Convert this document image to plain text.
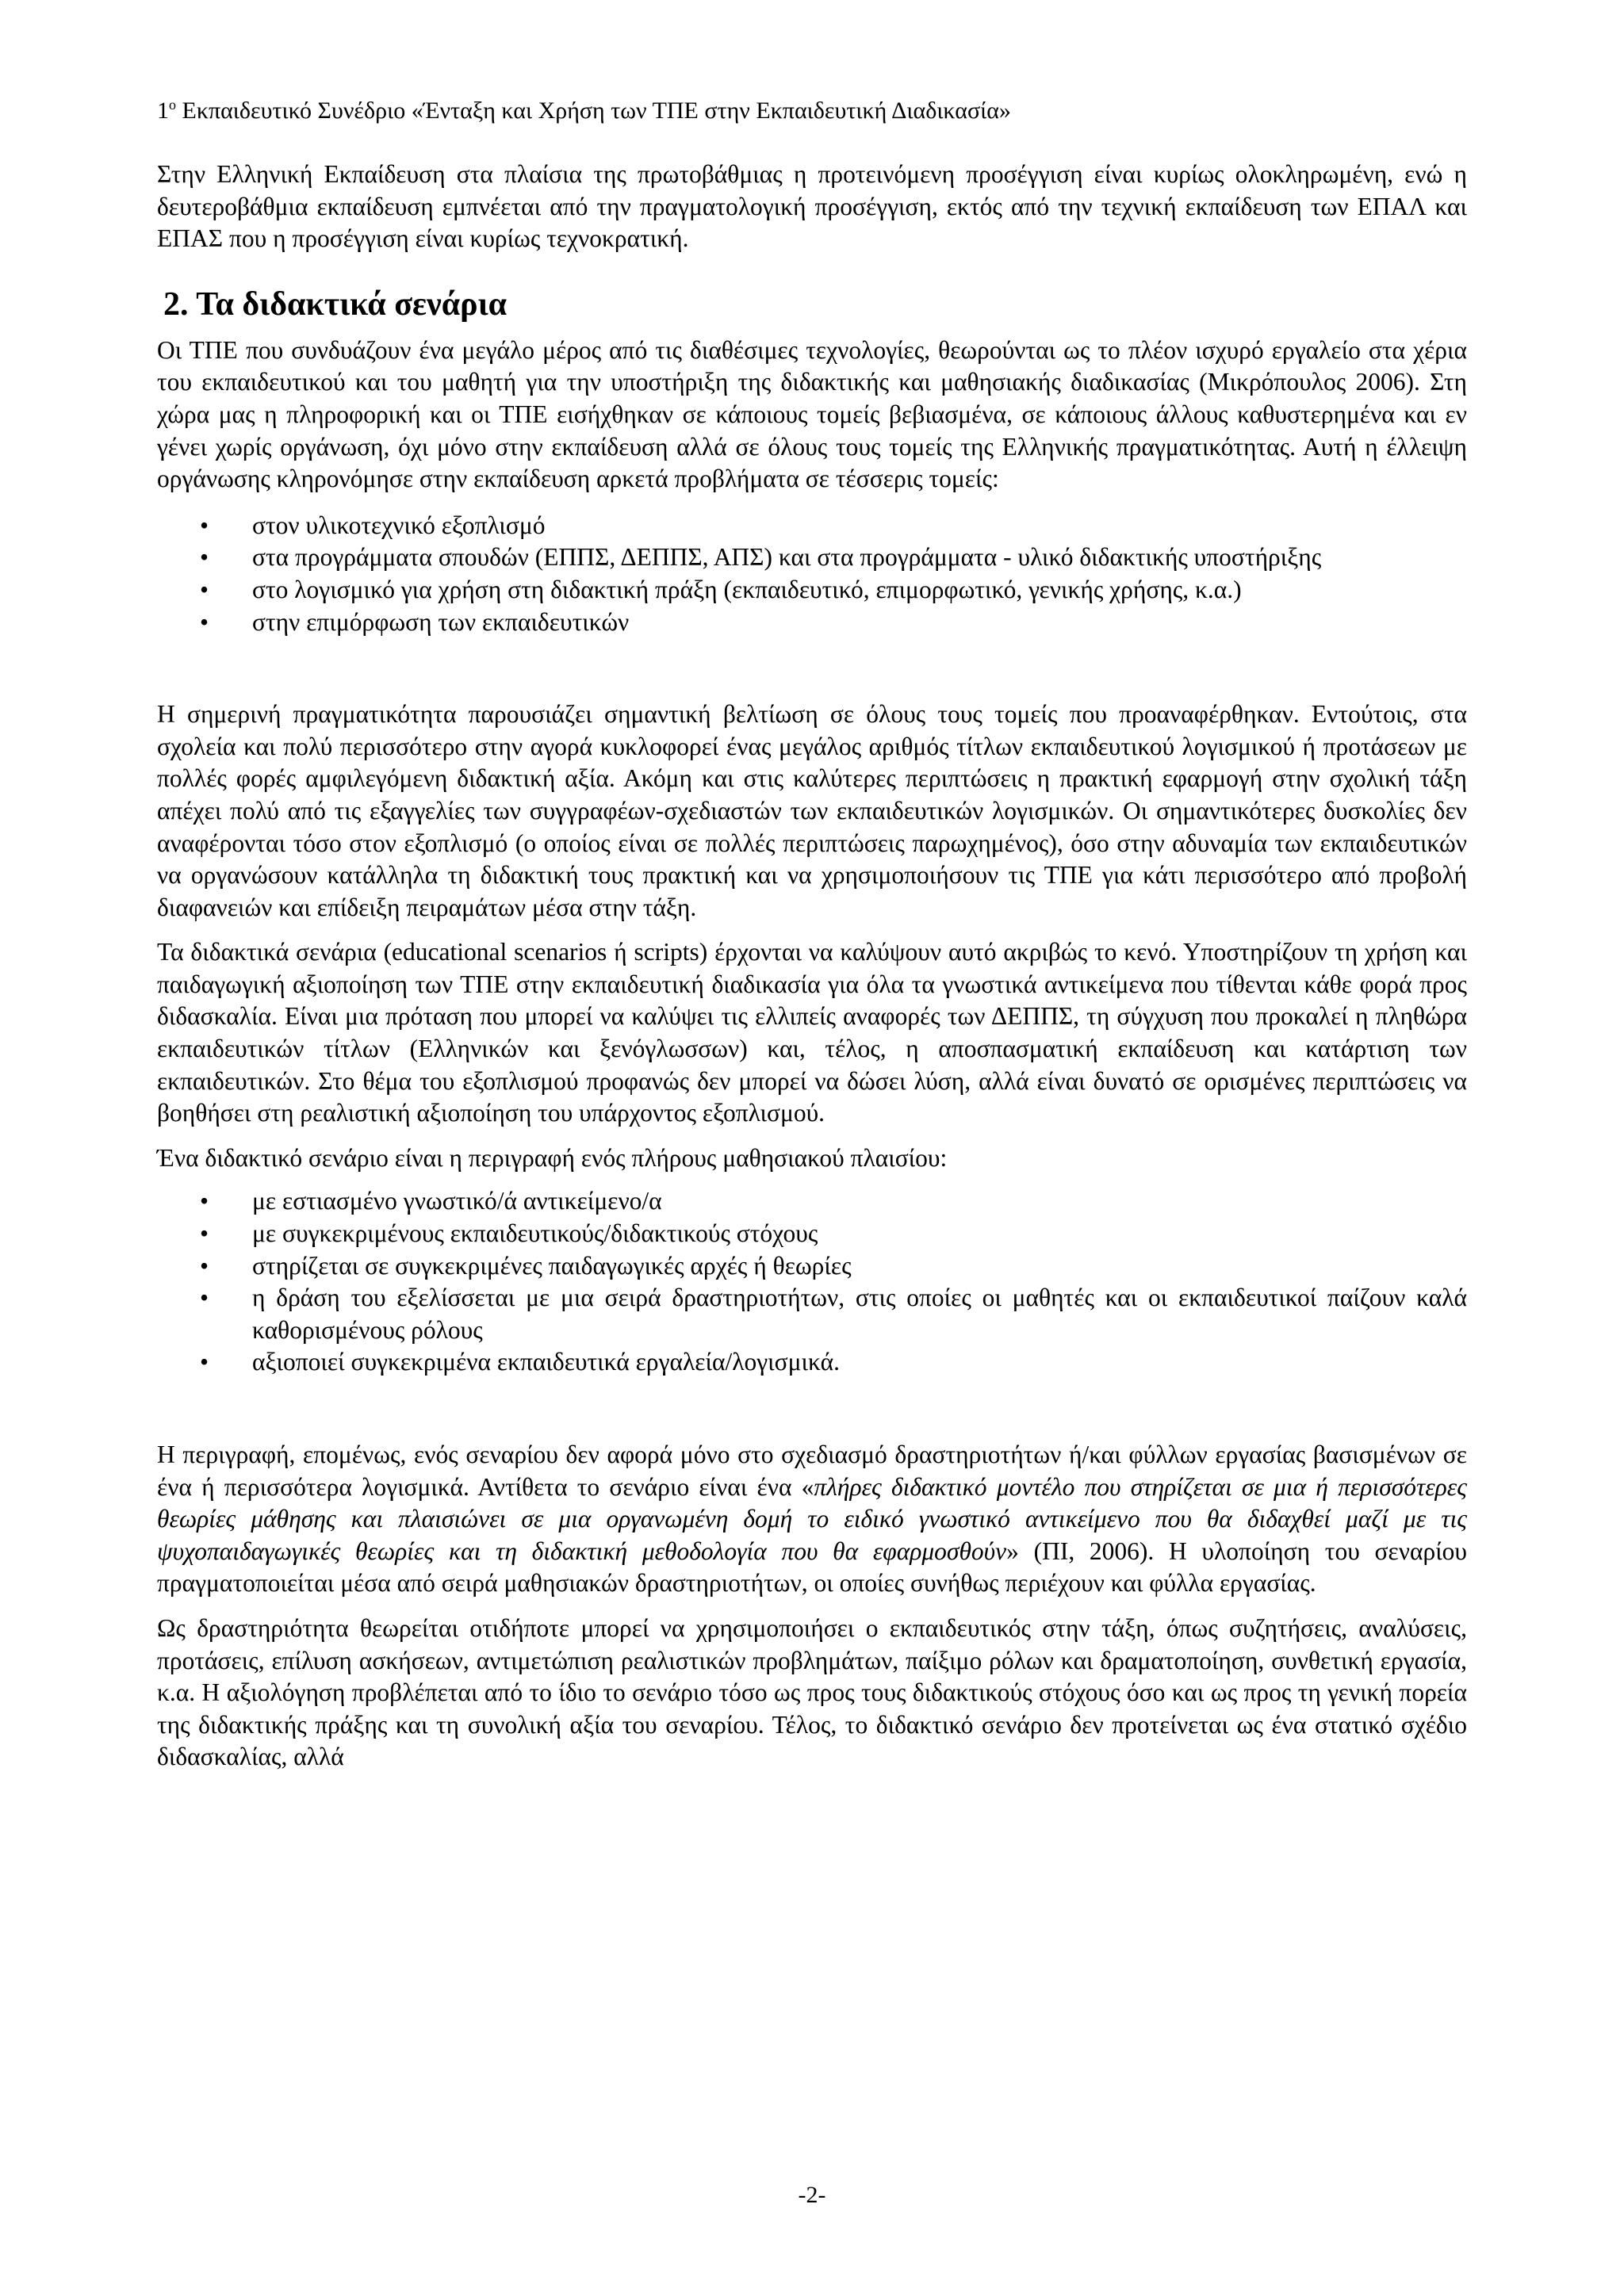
$1^o$ Εκπαιδευτικό Συνέδριο «Ένταξη και Χρήση των ΤΠΕ στην Εκπαιδευτική Διαδικασία»

Στην Ελληνική Εκπαίδευση στα πλαίσια της πρωτοβάθμιας η προτεινόμενη προσέγγιση είναι κυρίως ολοκληρωμένη, ενώ η δευτεροβάθμια εκπαίδευση εμπνέεται από την πραγματολογική προσέγγιση, εκτός από την τεχνική εκπαίδευση των ΕΠΑΛ και ΕΠΑΣ που η προσέγγιση είναι κυρίως τεχνοκρατική.

2. Τα διδακτικά σενάρια

Οι ΤΠΕ που συνδυάζουν ένα μεγάλο μέρος από τις διαθέσιμες τεχνολογίες, θεωρούνται ως το πλέον ισχυρό εργαλείο στα χέρια του εκπαιδευτικού και του μαθητή για την υποστήριξη της διδακτικής και μαθησιακής διαδικασίας (Μικρόπουλος 2006). Στη χώρα μας η πληροφορική και οι ΤΠΕ εισήχθηκαν σε κάποιους τομείς βεβιασμένα, σε κάποιους άλλους καθυστερημένα και εν γένει χωρίς οργάνωση, όχι μόνο στην εκπαίδευση αλλά σε όλους τους τομείς της Ελληνικής πραγματικότητας. Αυτή η έλλειψη οργάνωσης κληρονόμησε στην εκπαίδευση αρκετά προβλήματα σε τέσσερις τομείς:

• στον υλικοτεχνικό εξοπλισμό
• στα προγράμματα σπουδών (ΕΠΠΣ, ΔΕΠΠΣ, ΑΠΣ) και στα προγράμματα - υλικό διδακτικής υποστήριξης
• στο λογισμικό για χρήση στη διδακτική πράξη (εκπαιδευτικό, επιμορφωτικό, γενικής χρήσης, κ.α.)
• στην επιμόρφωση των εκπαιδευτικών

Η σημερινή πραγματικότητα παρουσιάζει σημαντική βελτίωση σε όλους τους τομείς που προαναφέρθηκαν. Εντούτοις, στα σχολεία και πολύ περισσότερο στην αγορά κυκλοφορεί ένας μεγάλος αριθμός τίτλων εκπαιδευτικού λογισμικού ή προτάσεων με πολλές φορές αμφιλεγόμενη διδακτική αξία. Ακόμη και στις καλύτερες περιπτώσεις η πρακτική εφαρμογή στην σχολική τάξη απέχει πολύ από τις εξαγγελίες των συγγραφέων-σχεδιαστών των εκπαιδευτικών λογισμικών. Οι σημαντικότερες δυσκολίες δεν αναφέρονται τόσο στον εξοπλισμό (ο οποίος είναι σε πολλές περιπτώσεις παρωχημένος), όσο στην αδυναμία των εκπαιδευτικών να οργανώσουν κατάλληλα τη διδακτική τους πρακτική και να χρησιμοποιήσουν τις ΤΠΕ για κάτι περισσότερο από προβολή διαφανειών και επίδειξη πειραμάτων μέσα στην τάξη.

Τα διδακτικά σενάρια (educational scenarios ή scripts) έρχονται να καλύψουν αυτό ακριβώς το κενό. Υποστηρίζουν τη χρήση και παιδαγωγική αξιοποίηση των ΤΠΕ στην εκπαιδευτική διαδικασία για όλα τα γνωστικά αντικείμενα που τίθενται κάθε φορά προς διδασκαλία. Είναι μια πρόταση που μπορεί να καλύψει τις ελλιπείς αναφορές των ΔΕΠΠΣ, τη σύγχυση που προκαλεί η πληθώρα εκπαιδευτικών τίτλων (Ελληνικών και ξενόγλωσσων) και, τέλος, η αποσπασματική εκπαίδευση και κατάρτιση των εκπαιδευτικών. Στο θέμα του εξοπλισμού προφανώς δεν μπορεί να δώσει λύση, αλλά είναι δυνατό σε ορισμένες περιπτώσεις να βοηθήσει στη ρεαλιστική αξιοποίηση του υπάρχοντος εξοπλισμού.

Ένα διδακτικό σενάριο είναι η περιγραφή ενός πλήρους μαθησιακού πλαισίου:

• με εστιασμένο γνωστικό/ά αντικείμενο/α
• με συγκεκριμένους εκπαιδευτικούς/διδακτικούς στόχους
• στηρίζεται σε συγκεκριμένες παιδαγωγικές αρχές ή θεωρίες
• η δράση του εξελίσσεται με μια σειρά δραστηριοτήτων, στις οποίες οι μαθητές και οι εκπαιδευτικοί παίζουν καλά καθορισμένους ρόλους
• αξιοποιεί συγκεκριμένα εκπαιδευτικά εργαλεία/λογισμικά.

Η περιγραφή, επομένως, ενός σεναρίου δεν αφορά μόνο στο σχεδιασμό δραστηριοτήτων ή/και φύλλων εργασίας βασισμένων σε ένα ή περισσότερα λογισμικά. Αντίθετα το σενάριο είναι ένα «πλήρες διδακτικό μοντέλο που στηρίζεται σε μια ή περισσότερες θεωρίες μάθησης και πλαισιώνει σε μια οργανωμένη δομή το ειδικό γνωστικό αντικείμενο που θα διδαχθεί μαζί με τις ψυχοπαιδαγωγικές θεωρίες και τη διδακτική μεθοδολογία που θα εφαρμοσθούν» (ΠΙ, 2006). Η υλοποίηση του σεναρίου πραγματοποιείται μέσα από σειρά μαθησιακών δραστηριοτήτων, οι οποίες συνήθως περιέχουν και φύλλα εργασίας.

Ως δραστηριότητα θεωρείται οτιδήποτε μπορεί να χρησιμοποιήσει ο εκπαιδευτικός στην τάξη, όπως συζητήσεις, αναλύσεις, προτάσεις, επίλυση ασκήσεων, αντιμετώπιση ρεαλιστικών προβλημάτων, παίξιμο ρόλων και δραματοποίηση, συνθετική εργασία, κ.α. Η αξιολόγηση προβλέπεται από το ίδιο το σενάριο τόσο ως προς τους διδακτικούς στόχους όσο και ως προς τη γενική πορεία της διδακτικής πράξης και τη συνολική αξία του σεναρίου. Τέλος, το διδακτικό σενάριο δεν προτείνεται ως ένα στατικό σχέδιο διδασκαλίας, αλλά

-2-
